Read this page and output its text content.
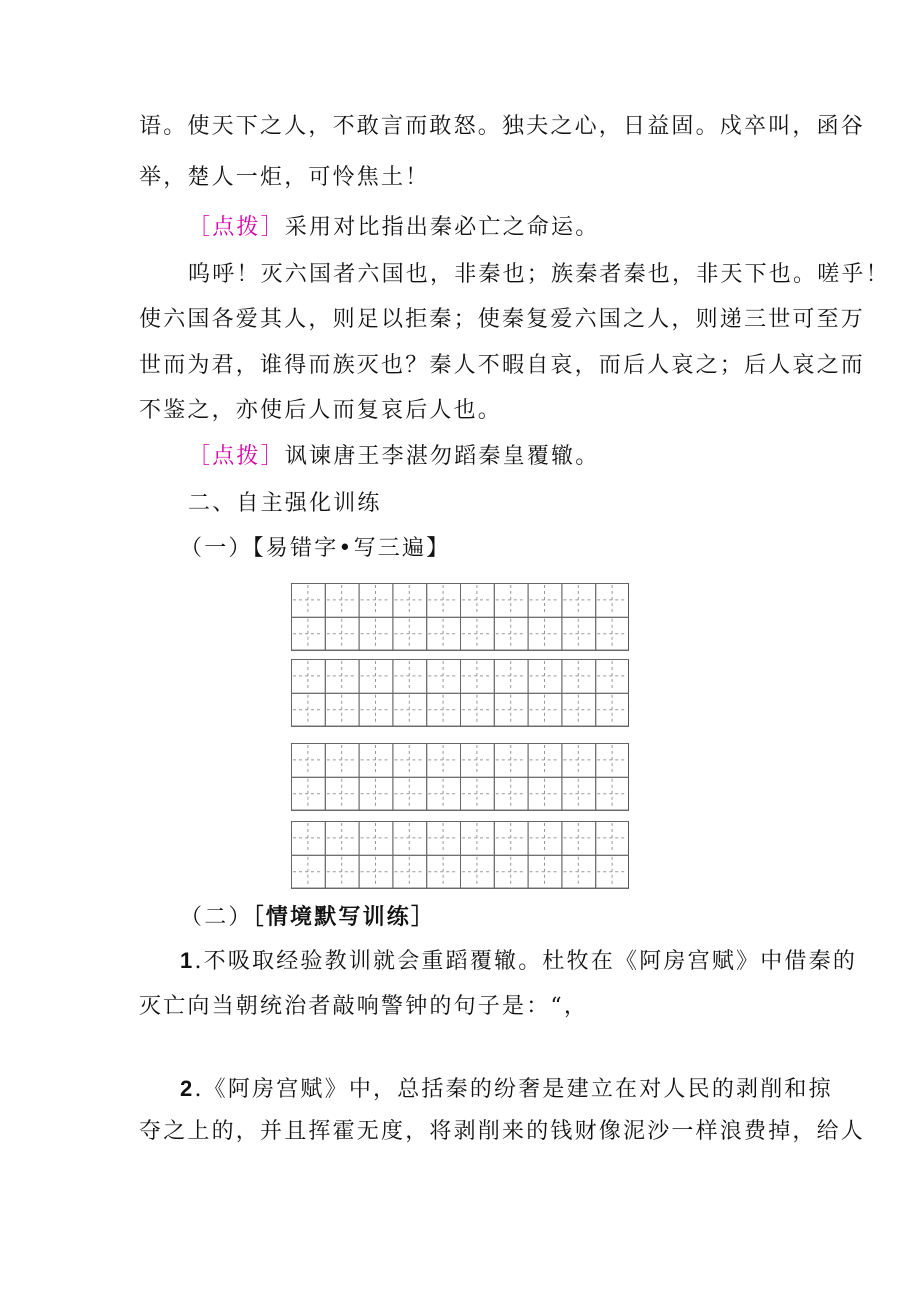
语。使天下之人，不敢言而敢怒。独夫之心，日益固。戍卒叫，函谷
举，楚人一炬，可怜焦土！
［点拨］采用对比指出秦必亡之命运。
呜呼！灭六国者六国也，非秦也；族秦者秦也，非天下也。嗟乎！
使六国各爱其人，则足以拒秦；使秦复爱六国之人，则递三世可至万
世而为君，谁得而族灭也？秦人不暇自哀，而后人哀之；后人哀之而
不鉴之，亦使后人而复哀后人也。
［点拨］讽谏唐王李湛勿蹈秦皇覆辙。
二、自主强化训练
（一）【易错字•写三遍】
（二）［情境默写训练］
1.不吸取经验教训就会重蹈覆辙。杜牧在《阿房宫赋》中借秦的
灭亡向当朝统治者敲响警钟的句子是：“，
2.《阿房宫赋》中，总括秦的纷奢是建立在对人民的剥削和掠
夺之上的，并且挥霍无度，将剥削来的钱财像泥沙一样浪费掉，给人
